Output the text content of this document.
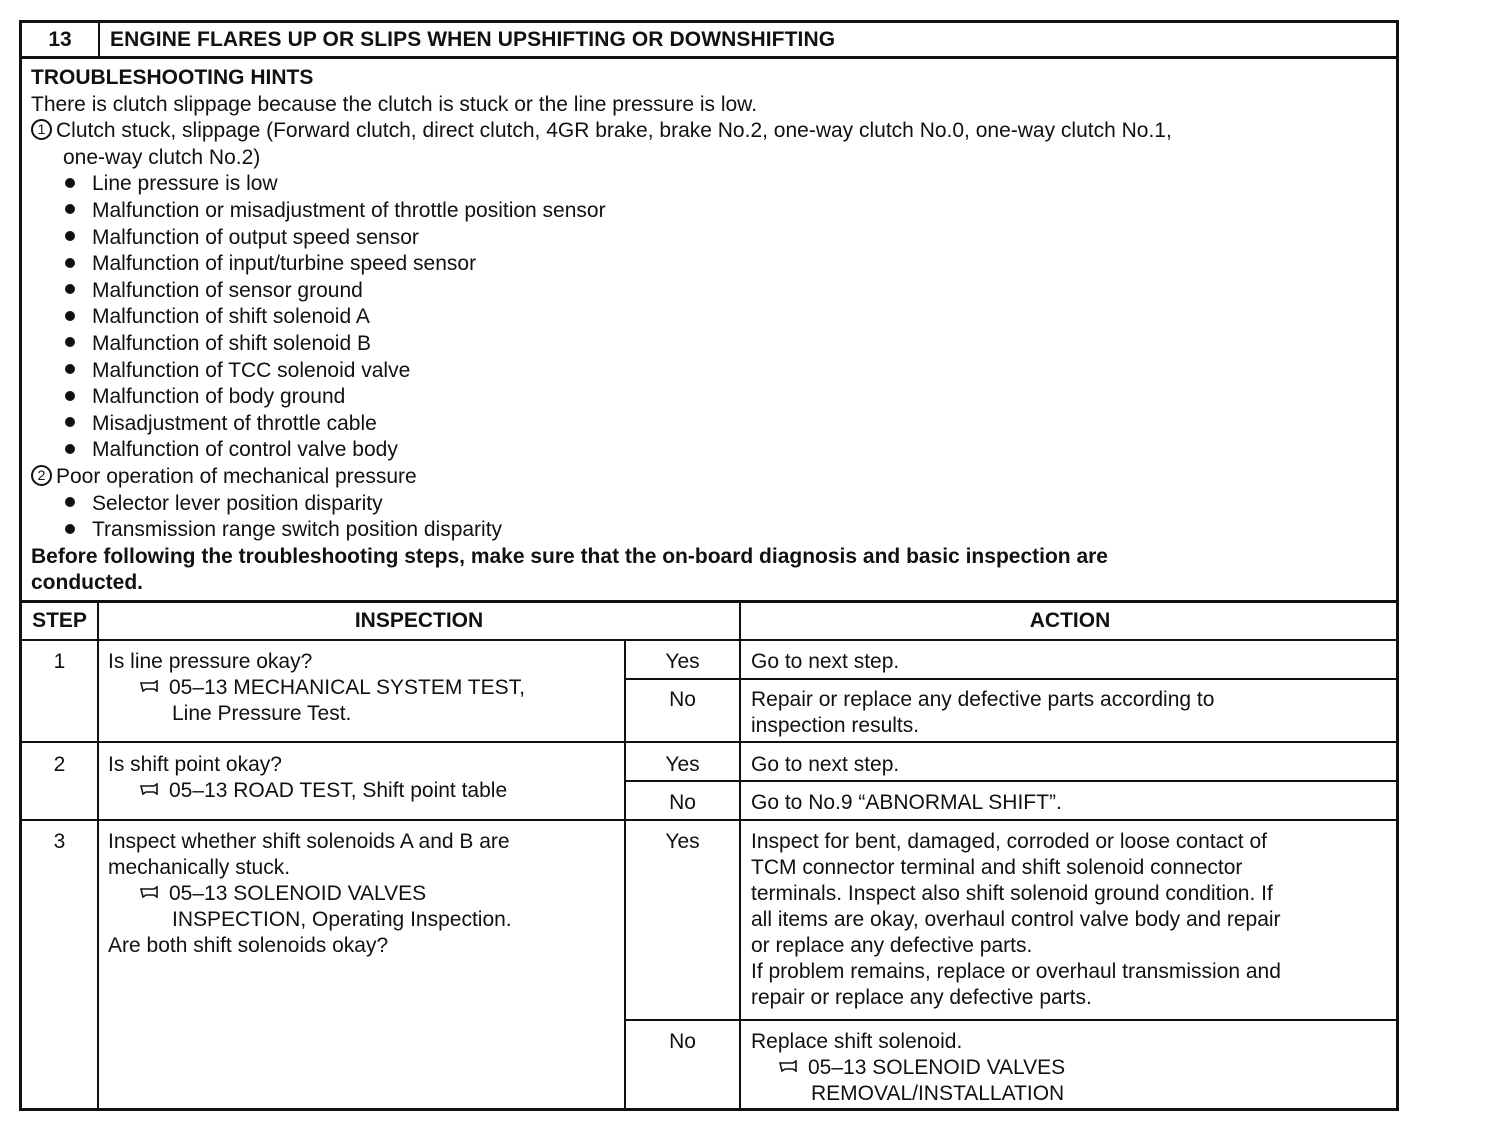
13	ENGINE FLARES UP OR SLIPS WHEN UPSHIFTING OR DOWNSHIFTING
TROUBLESHOOTING HINTS
There is clutch slippage because the clutch is stuck or the line pressure is low.
1 Clutch stuck, slippage (Forward clutch, direct clutch, 4GR brake, brake No.2, one-way clutch No.0, one-way clutch No.1,
one-way clutch No.2)
Line pressure is low
Malfunction or misadjustment of throttle position sensor
Malfunction of output speed sensor
Malfunction of input/turbine speed sensor
Malfunction of sensor ground
Malfunction of shift solenoid A
Malfunction of shift solenoid B
Malfunction of TCC solenoid valve
Malfunction of body ground
Misadjustment of throttle cable
Malfunction of control valve body
2 Poor operation of mechanical pressure
Selector lever position disparity
Transmission range switch position disparity
Before following the troubleshooting steps, make sure that the on-board diagnosis and basic inspection are
conducted.
STEP	INSPECTION	ACTION
1	Is line pressure okay?
05–13 MECHANICAL SYSTEM TEST,
Line Pressure Test.
Yes	Go to next step.
No	Repair or replace any defective parts according to
inspection results.
2	Is shift point okay?
05–13 ROAD TEST, Shift point table
Yes	Go to next step.
No	Go to No.9 “ABNORMAL SHIFT”.
3	Inspect whether shift solenoids A and B are
mechanically stuck.
05–13 SOLENOID VALVES
INSPECTION, Operating Inspection.
Are both shift solenoids okay?
Yes	Inspect for bent, damaged, corroded or loose contact of
TCM connector terminal and shift solenoid connector
terminals. Inspect also shift solenoid ground condition. If
all items are okay, overhaul control valve body and repair
or replace any defective parts.
If problem remains, replace or overhaul transmission and
repair or replace any defective parts.
No	Replace shift solenoid.
05–13 SOLENOID VALVES
REMOVAL/INSTALLATION
